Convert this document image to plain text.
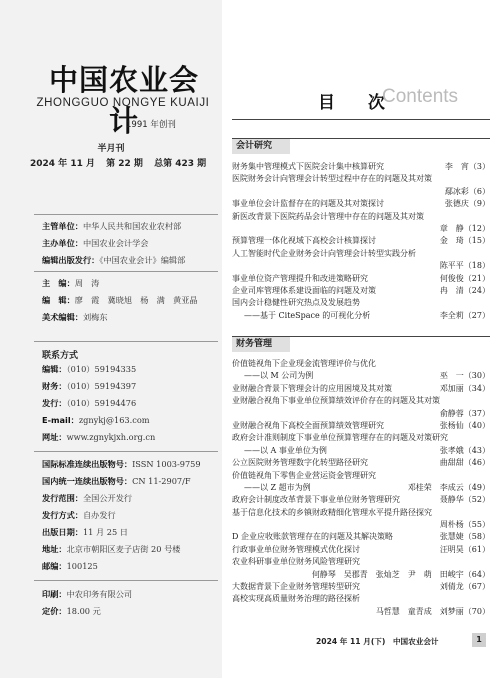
中国农业会计
ZHONGGUO NONGYE KUAIJI
1991 年创刊
半月刊
2024 年 11 月 第 22 期 总第 423 期
主管单位：中华人民共和国农业农村部
主办单位：中国农业会计学会
编辑出版发行：《中国农业会计》编辑部
主　编：周　涛
编　辑：廖　霞　冀晓旭　杨　满　黄亚晶
美术编辑：刘梅东
联系方式
编辑：（010）59194335
财务：（010）59194397
发行：（010）59194476
E-mail：zgnykj@163.com
网址：www.zgnykjxh.org.cn
国际标准连续出版物号：ISSN 1003-9759
国内统一连续出版物号：CN 11-2907/F
发行范围：全国公开发行
发行方式：自办发行
出版日期：11 月 25 日
地址：北京市朝阳区麦子店街 20 号楼
邮编：100125
印刷：中农印务有限公司
定价：18.00 元
目　次
Contents
会计研究
财务集中管理模式下医院会计集中核算研究	李　宵（3）
医院财务会计向管理会计转型过程中存在的问题及其对策
鄢冰彩（6）
事业单位会计监督存在的问题及其对策探讨	张德庆（9）
新医改背景下医院药品会计管理中存在的问题及其对策
章　静（12）
预算管理一体化视域下高校会计核算探讨	金　琦（15）
人工智能时代企业财务会计向管理会计转型实践分析
陈平平（18）
事业单位资产管理提升和改进策略研究	何俊俊（21）
企业司库管理体系建设面临的问题及对策	冉　清（24）
国内会计稳健性研究热点及发展趋势
——基于 CiteSpace 的可视化分析	李全莉（27）
财务管理
价值链视角下企业现金流管理评价与优化
——以 M 公司为例	巫　一（30）
业财融合背景下管理会计的应用困境及其对策	邓加丽（34）
业财融合视角下事业单位预算绩效评价存在的问题及其对策
俞静蓉（37）
业财融合视角下高校全面预算绩效管理研究	张杨仙（40）
政府会计准则制度下事业单位预算管理存在的问题及对策研究
——以 A 事业单位为例	张孝娥（43）
公立医院财务管理数字化转型路径研究	曲甜甜（46）
价值链视角下零售企业营运资金管理研究
——以 Z 超市为例	邓桂荣　李成云（49）
政府会计制度改革背景下事业单位财务管理研究	聂静华（52）
基于信息化技术的乡镇财政精细化管理水平提升路径探究
周朴杨（55）
D 企业应收账款管理存在的问题及其解决策略	张慧婕（58）
行政事业单位财务管理模式优化探讨	汪明昊（61）
农业科研事业单位财务风险管理研究
何静琴　吴郡青　张灿芝　尹　萌　田峻宇（64）
大数据背景下企业财务管理转型研究	刘倩龙（67）
高校实现高质量财务治理的路径探析
马哲慧　童青成　刘梦丽（70）
2024 年 11 月(下)　中国农业会计	1
